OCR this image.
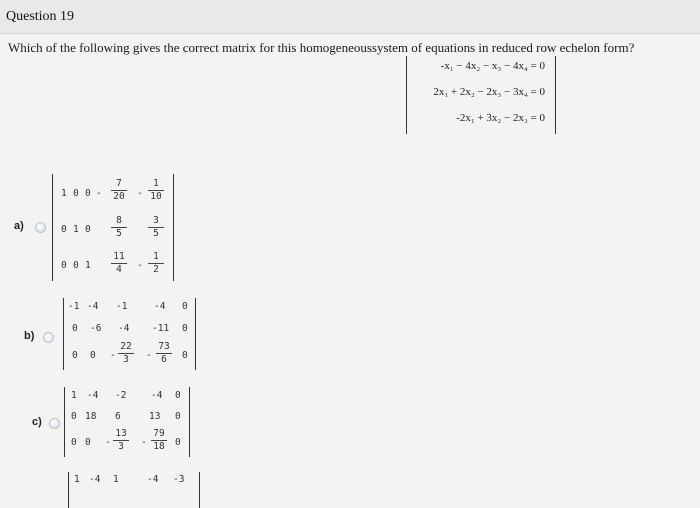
Question 19
Which of the following gives the correct matrix for this homogeneoussystem of equations in reduced row echelon form?
-x₁ − 4x₂ − x₃ − 4x₄ = 0
2x₁ + 2x₂ − 2x₃ − 3x₄ = 0
-2x₁ + 3x₂ − 2x₃ = 0
a)
1 0 $0 - \frac{7}{20} - \frac{1}{10}$
0 1 $0 \frac{8}{5} \frac{3}{5}$
0 0 $1 \frac{11}{4} - \frac{1}{2}$
b)
-1 -4 -1	-4 0
0 -6 -4 -11 0
0 $0 - \frac{22}{3} - \frac{73}{6} 0$
c)
1 -4 -2	-4 0
0 18 6	13 0
0 $0 - \frac{13}{3} - \frac{79}{18} 0$
1 -4 1	-4 -3
